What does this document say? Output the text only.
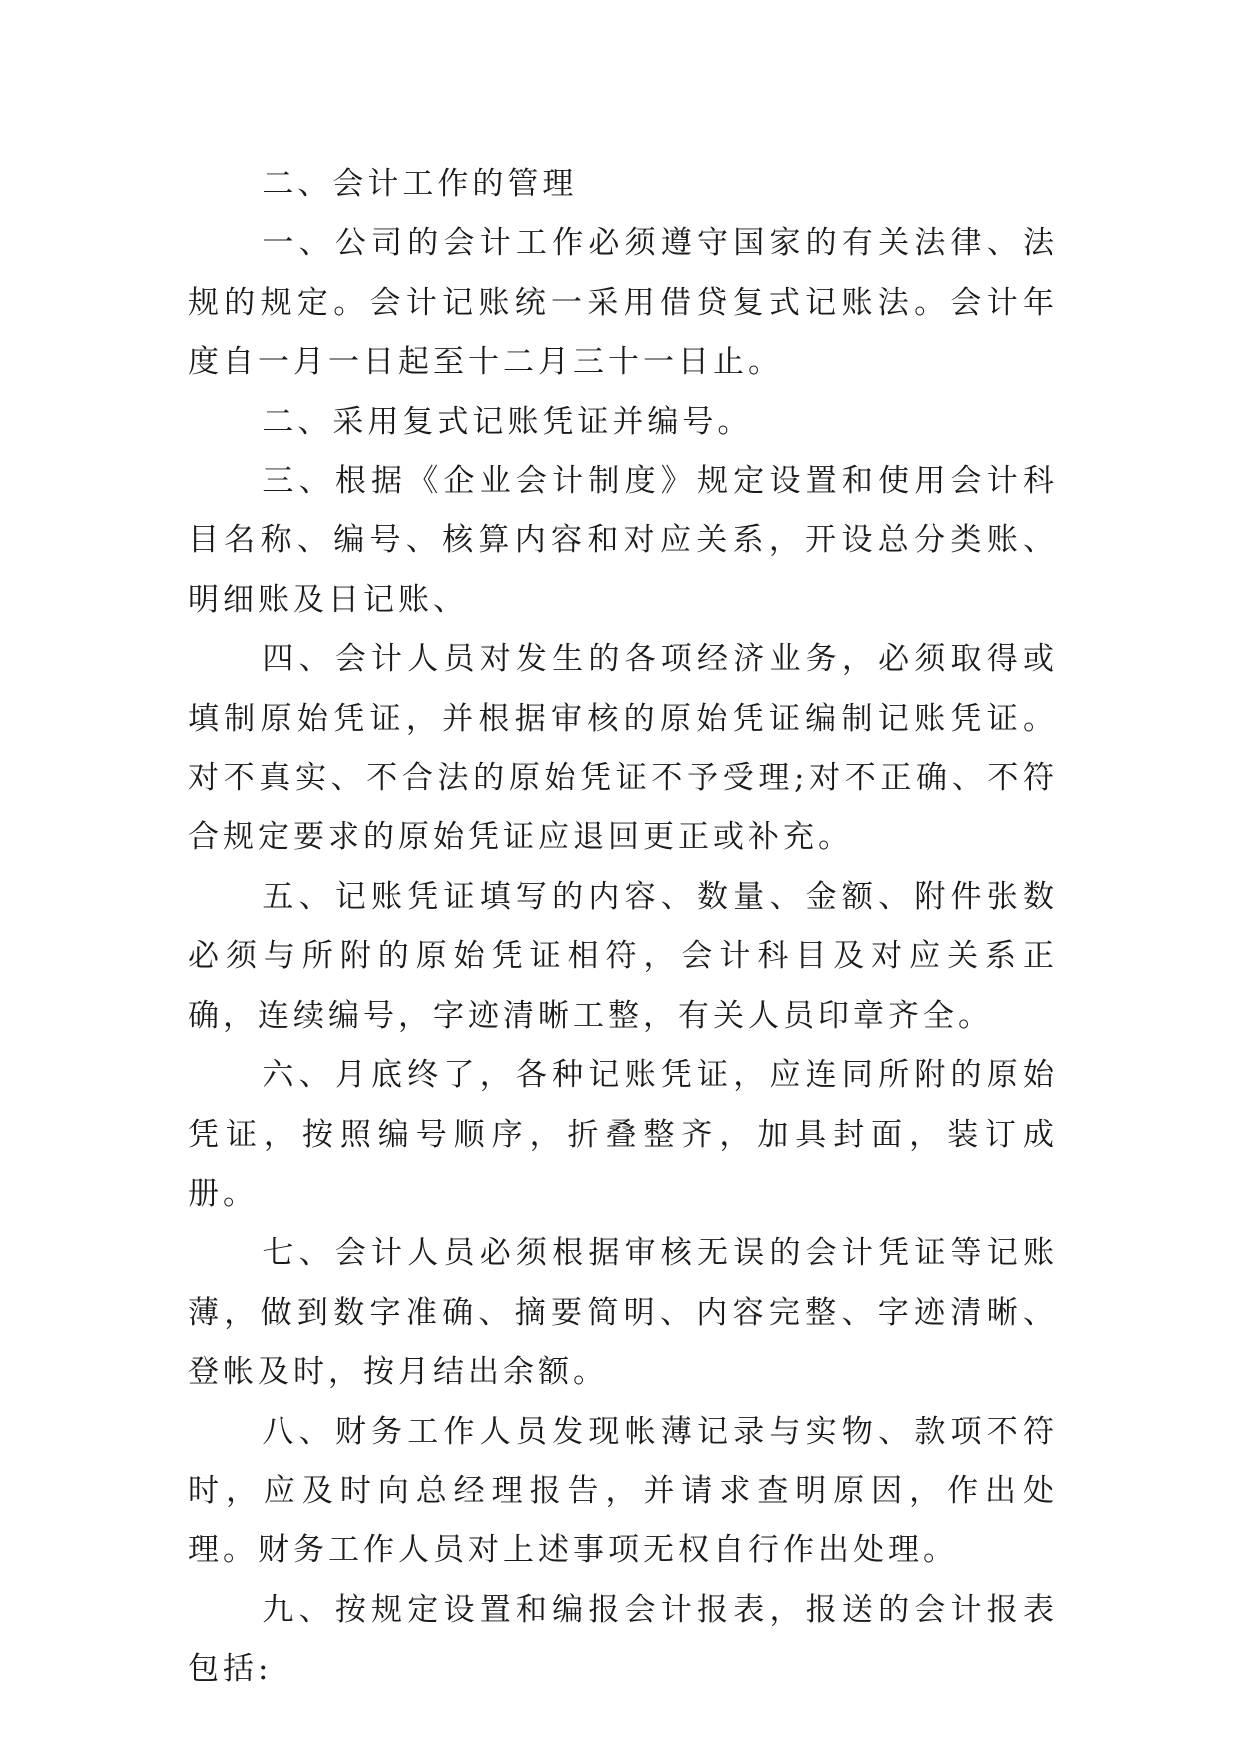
二、会计工作的管理

一、公司的会计工作必须遵守国家的有关法律、法规的规定。会计记账统一采用借贷复式记账法。会计年度自一月一日起至十二月三十一日止。

二、采用复式记账凭证并编号。

三、根据《企业会计制度》规定设置和使用会计科目名称、编号、核算内容和对应关系，开设总分类账、明细账及日记账、

四、会计人员对发生的各项经济业务，必须取得或填制原始凭证，并根据审核的原始凭证编制记账凭证。对不真实、不合法的原始凭证不予受理;对不正确、不符合规定要求的原始凭证应退回更正或补充。

五、记账凭证填写的内容、数量、金额、附件张数必须与所附的原始凭证相符，会计科目及对应关系正确，连续编号，字迹清晰工整，有关人员印章齐全。

六、月底终了，各种记账凭证，应连同所附的原始凭证，按照编号顺序，折叠整齐，加具封面，装订成册。

七、会计人员必须根据审核无误的会计凭证等记账薄，做到数字准确、摘要简明、内容完整、字迹清晰、登帐及时，按月结出余额。

八、财务工作人员发现帐薄记录与实物、款项不符时，应及时向总经理报告，并请求查明原因，作出处理。财务工作人员对上述事项无权自行作出处理。

九、按规定设置和编报会计报表，报送的会计报表包括:
